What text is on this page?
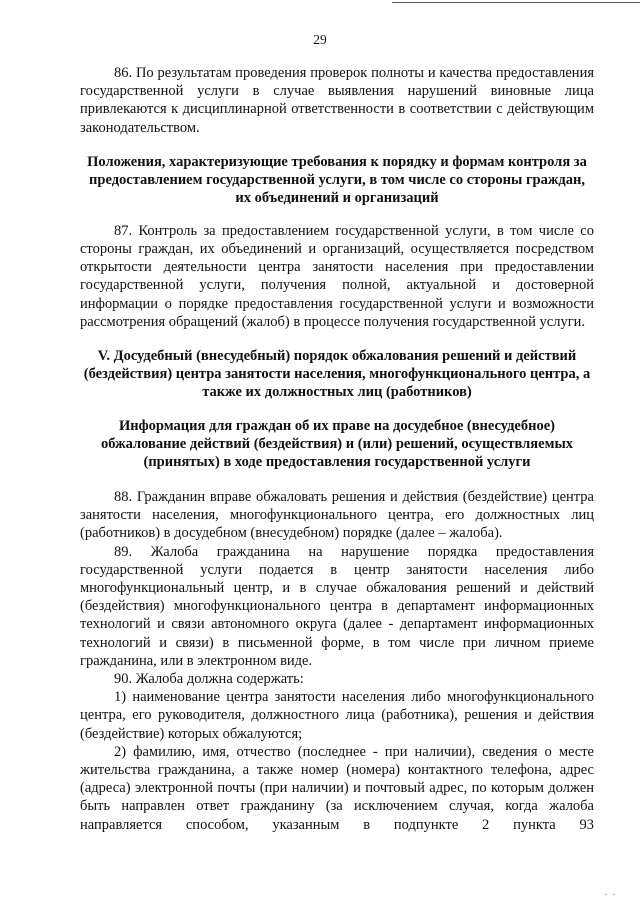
29

86. По результатам проведения проверок полноты и качества предоставления государственной услуги в случае выявления нарушений виновные лица привлекаются к дисциплинарной ответственности в соответствии с действующим законодательством.

Положения, характеризующие требования к порядку и формам контроля за предоставлением государственной услуги, в том числе со стороны граждан, их объединений и организаций

87. Контроль за предоставлением государственной услуги, в том числе со стороны граждан, их объединений и организаций, осуществляется посредством открытости деятельности центра занятости населения при предоставлении государственной услуги, получения полной, актуальной и достоверной информации о порядке предоставления государственной услуги и возможности рассмотрения обращений (жалоб) в процессе получения государственной услуги.

V. Досудебный (внесудебный) порядок обжалования решений и действий (бездействия) центра занятости населения, многофункционального центра, а также их должностных лиц (работников)

Информация для граждан об их праве на досудебное (внесудебное) обжалование действий (бездействия) и (или) решений, осуществляемых (принятых) в ходе предоставления государственной услуги

88. Гражданин вправе обжаловать решения и действия (бездействие) центра занятости населения, многофункционального центра, его должностных лиц (работников) в досудебном (внесудебном) порядке (далее – жалоба).

89. Жалоба гражданина на нарушение порядка предоставления государственной услуги подается в центр занятости населения либо многофункциональный центр, и в случае обжалования решений и действий (бездействия) многофункционального центра в департамент информационных технологий и связи автономного округа (далее - департамент информационных технологий и связи) в письменной форме, в том числе при личном приеме гражданина, или в электронном виде.

90. Жалоба должна содержать:

1) наименование центра занятости населения либо многофункционального центра, его руководителя, должностного лица (работника), решения и действия (бездействие) которых обжалуются;

2) фамилию, имя, отчество (последнее - при наличии), сведения о месте жительства гражданина, а также номер (номера) контактного телефона, адрес (адреса) электронной почты (при наличии) и почтовый адрес, по которым должен быть направлен ответ гражданину (за исключением случая, когда жалоба направляется способом, указанным в подпункте 2 пункта 93

· ·
